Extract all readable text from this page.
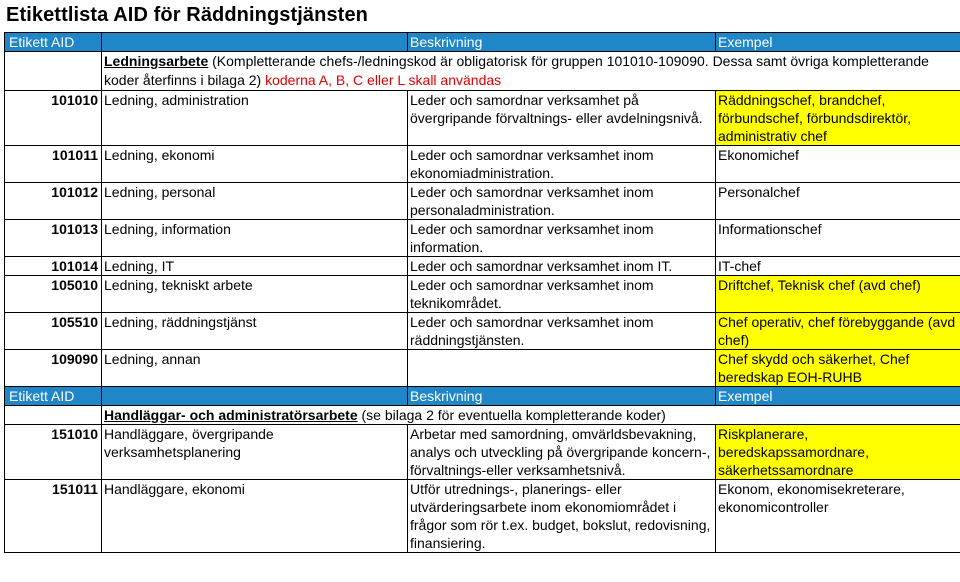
Etikettlista AID för Räddningstjänsten
Etikett AID		Beskrivning	Exempel
	Ledningsarbete (Kompletterande chefs-/ledningskod är obligatorisk för gruppen 101010-109090. Dessa samt övriga kompletterande koder återfinns i bilaga 2) koderna A, B, C eller L skall användas		
101010	Ledning, administration	Leder och samordnar verksamhet på övergripande förvaltnings- eller avdelningsnivå.	Räddningschef, brandchef, förbundschef, förbundsdirektör, administrativ chef
101011	Ledning, ekonomi	Leder och samordnar verksamhet inom ekonomiadministration.	Ekonomichef
101012	Ledning, personal	Leder och samordnar verksamhet inom personaladministration.	Personalchef
101013	Ledning, information	Leder och samordnar verksamhet inom information.	Informationschef
101014	Ledning, IT	Leder och samordnar verksamhet inom IT.	IT-chef
105010	Ledning, tekniskt arbete	Leder och samordnar verksamhet inom teknikområdet.	Driftchef, Teknisk chef (avd chef)
105510	Ledning, räddningstjänst	Leder och samordnar verksamhet inom räddningstjänsten.	Chef operativ, chef förebyggande (avd chef)
109090	Ledning, annan		Chef skydd och säkerhet, Chef beredskap EOH-RUHB
Etikett AID		Beskrivning	Exempel
	Handläggar- och administratörsarbete (se bilaga 2 för eventuella kompletterande koder)		
151010	Handläggare, övergripande verksamhetsplanering	Arbetar med samordning, omvärldsbevakning, analys och utveckling på övergripande koncern-, förvaltnings-eller verksamhetsnivå.	Riskplanerare, beredskapssamordnare, säkerhetssamordnare
151011	Handläggare, ekonomi	Utför utrednings-, planerings- eller utvärderingsarbete inom ekonomiområdet i frågor som rör t.ex. budget, bokslut, redovisning, finansiering.	Ekonom, ekonomisekreterare, ekonomicontroller
